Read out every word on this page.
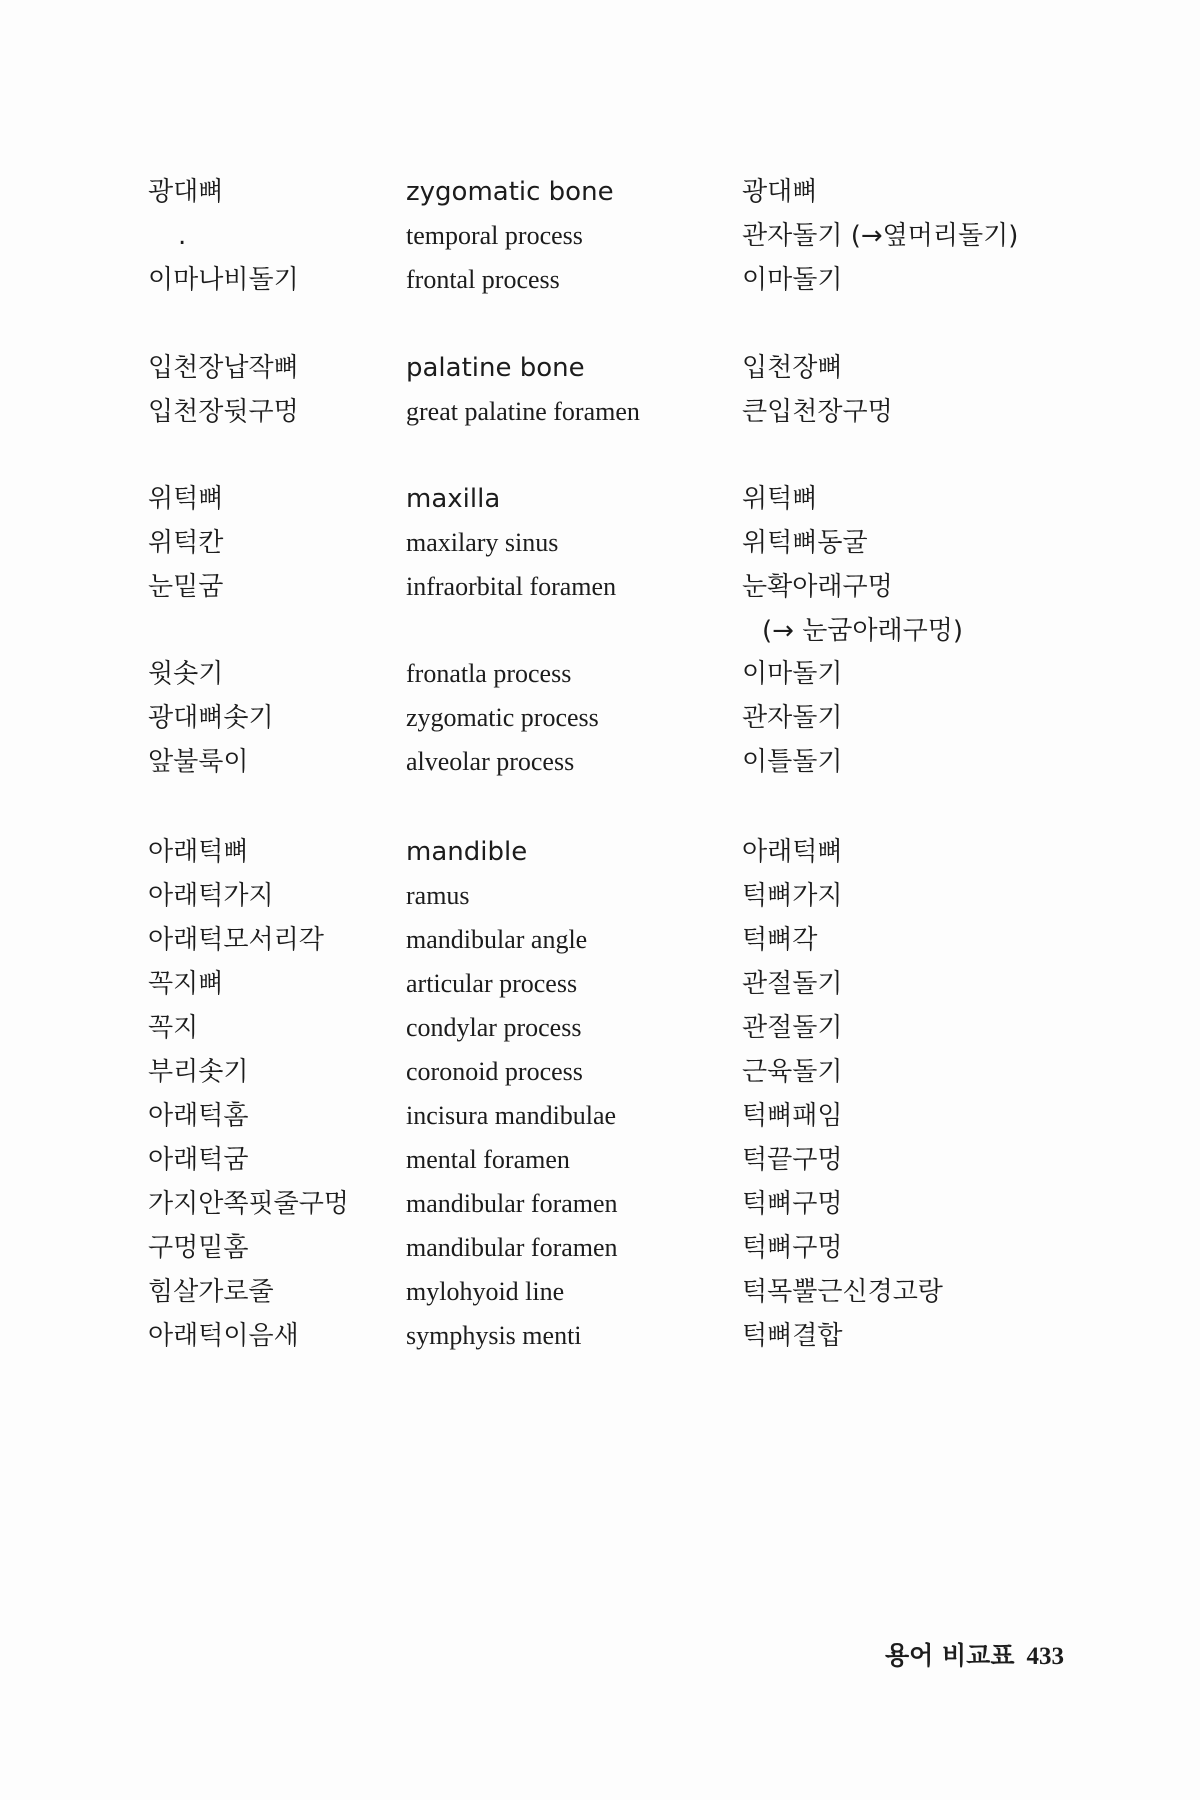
광대뼈	zygomatic bone	광대뼈
.	temporal process	관자돌기 (→옆머리돌기)
이마나비돌기	frontal process	이마돌기
입천장납작뼈	palatine bone	입천장뼈
입천장뒷구멍	great palatine foramen	큰입천장구멍
위턱뼈	maxilla	위턱뼈
위턱칸	maxilary sinus	위턱뼈동굴
눈밑굼	infraorbital foramen	눈확아래구멍
(→ 눈굼아래구멍)
윗솟기	fronatla process	이마돌기
광대뼈솟기	zygomatic process	관자돌기
앞불룩이	alveolar process	이틀돌기
아래턱뼈	mandible	아래턱뼈
아래턱가지	ramus	턱뼈가지
아래턱모서리각	mandibular angle	턱뼈각
꼭지뼈	articular process	관절돌기
꼭지	condylar process	관절돌기
부리솟기	coronoid process	근육돌기
아래턱홈	incisura mandibulae	턱뼈패임
아래턱굼	mental foramen	턱끝구멍
가지안쪽핏줄구멍 mandibular foramen	턱뼈구멍
구멍밑홈	mandibular foramen	턱뼈구멍
힘살가로줄	mylohyoid line	턱목뿔근신경고랑
아래턱이음새	symphysis menti	턱뼈결합
용어 비교표 433
